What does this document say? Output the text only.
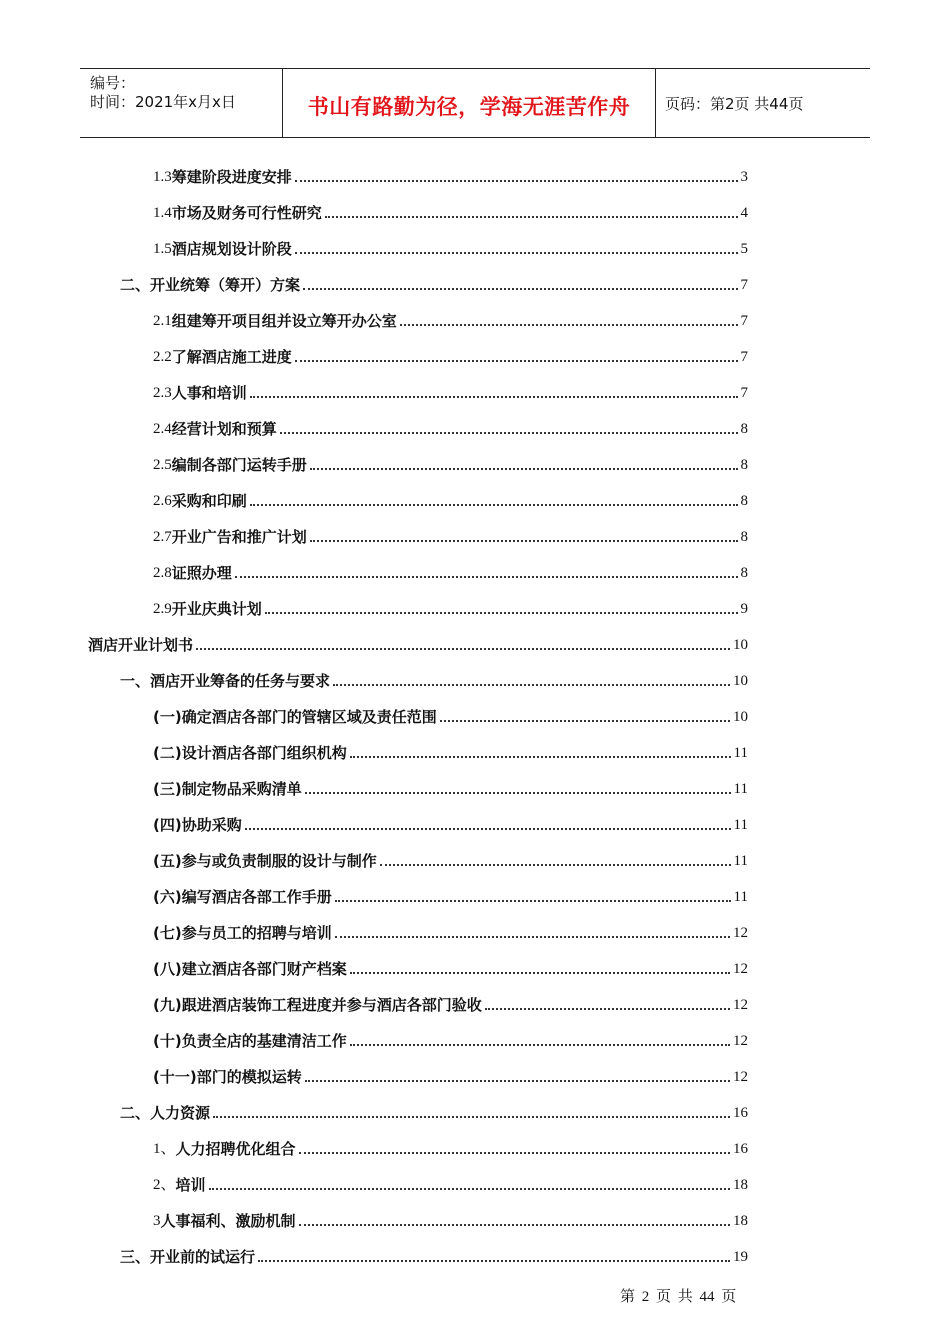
编号：
时间：2021年x月x日	书山有路勤为径，学海无涯苦作舟	页码：第2页 共44页
1.3 筹建阶段进度安排	3
1.4 市场及财务可行性研究	4
1.5 酒店规划设计阶段	5
二、开业统筹（筹开）方案	7
2.1 组建筹开项目组并设立筹开办公室	7
2.2 了解酒店施工进度	7
2.3 人事和培训	7
2.4 经营计划和预算	8
2.5 编制各部门运转手册	8
2.6 采购和印刷	8
2.7 开业广告和推广计划	8
2.8 证照办理	8
2.9 开业庆典计划	9
酒店开业计划书	10
一、酒店开业筹备的任务与要求	10
(一)确定酒店各部门的管辖区域及责任范围	10
(二)设计酒店各部门组织机构	11
(三)制定物品采购清单	11
(四)协助采购	11
(五)参与或负责制服的设计与制作	11
(六)编写酒店各部工作手册	11
(七)参与员工的招聘与培训	12
(八)建立酒店各部门财产档案	12
(九)跟进酒店装饰工程进度并参与酒店各部门验收	12
(十)负责全店的基建清洁工作	12
(十一)部门的模拟运转	12
二、人力资源	16
1、 人力招聘优化组合	16
2、 培训	18
3 人事福利、激励机制	18
三、开业前的试运行	19
第 2 页 共 44 页
